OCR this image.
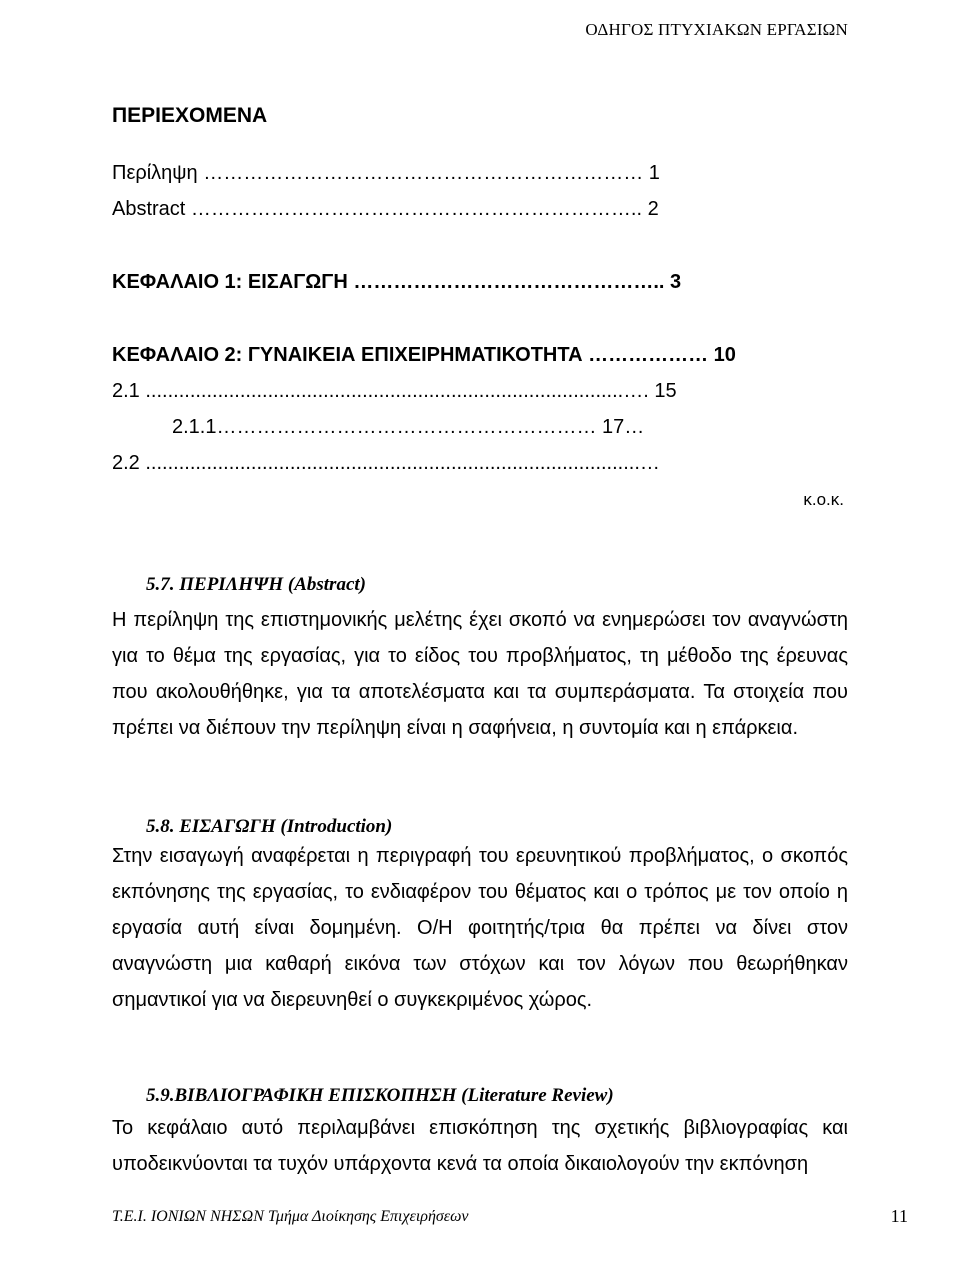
ΟΔΗΓΟΣ ΠΤΥΧΙΑΚΩΝ ΕΡΓΑΣΙΩΝ
ΠΕΡΙΕΧΟΜΕΝΑ
Περίληψη ………………………………………………………… 1
Abstract ………………………………………………………….. 2
ΚΕΦΑΛΑΙΟ 1: ΕΙΣΑΓΩΓΗ ……………………………………….. 3
ΚΕΦΑΛΑΙΟ 2: ΓΥΝΑΙΚΕΙΑ ΕΠΙΧΕΙΡΗΜΑΤΙΚΟΤΗΤΑ ……………… 10
2.1 ......................................................................................…. 15
2.1.1………………………………………………… 17…
2.2 .........................................................................................…
κ.ο.κ.
5.7. ΠΕΡΙΛΗΨΗ (Abstract)
Η περίληψη της επιστημονικής μελέτης έχει σκοπό να ενημερώσει τον αναγνώστη για το θέμα της εργασίας, για το είδος του προβλήματος, τη μέθοδο της έρευνας που ακολουθήθηκε, για τα αποτελέσματα και τα συμπεράσματα. Τα στοιχεία που πρέπει να διέπουν την περίληψη είναι η σαφήνεια, η συντομία και η επάρκεια.
5.8. ΕΙΣΑΓΩΓΗ (Introduction)
Στην εισαγωγή αναφέρεται η περιγραφή του ερευνητικού προβλήματος, ο σκοπός εκπόνησης της εργασίας, το ενδιαφέρον του θέματος και ο τρόπος με τον οποίο η εργασία αυτή είναι δομημένη. Ο/Η φοιτητής/τρια θα πρέπει να δίνει στον αναγνώστη μια καθαρή εικόνα των στόχων και τον λόγων που θεωρήθηκαν σημαντικοί για να διερευνηθεί ο συγκεκριμένος χώρος.
5.9.ΒΙΒΛΙΟΓΡΑΦΙΚΗ ΕΠΙΣΚΟΠΗΣΗ (Literature Review)
Το κεφάλαιο αυτό περιλαμβάνει επισκόπηση της σχετικής βιβλιογραφίας και υποδεικνύονται τα τυχόν υπάρχοντα κενά τα οποία δικαιολογούν την εκπόνηση
Τ.Ε.Ι. ΙΟΝΙΩΝ ΝΗΣΩΝ Τμήμα Διοίκησης Επιχειρήσεων	11
